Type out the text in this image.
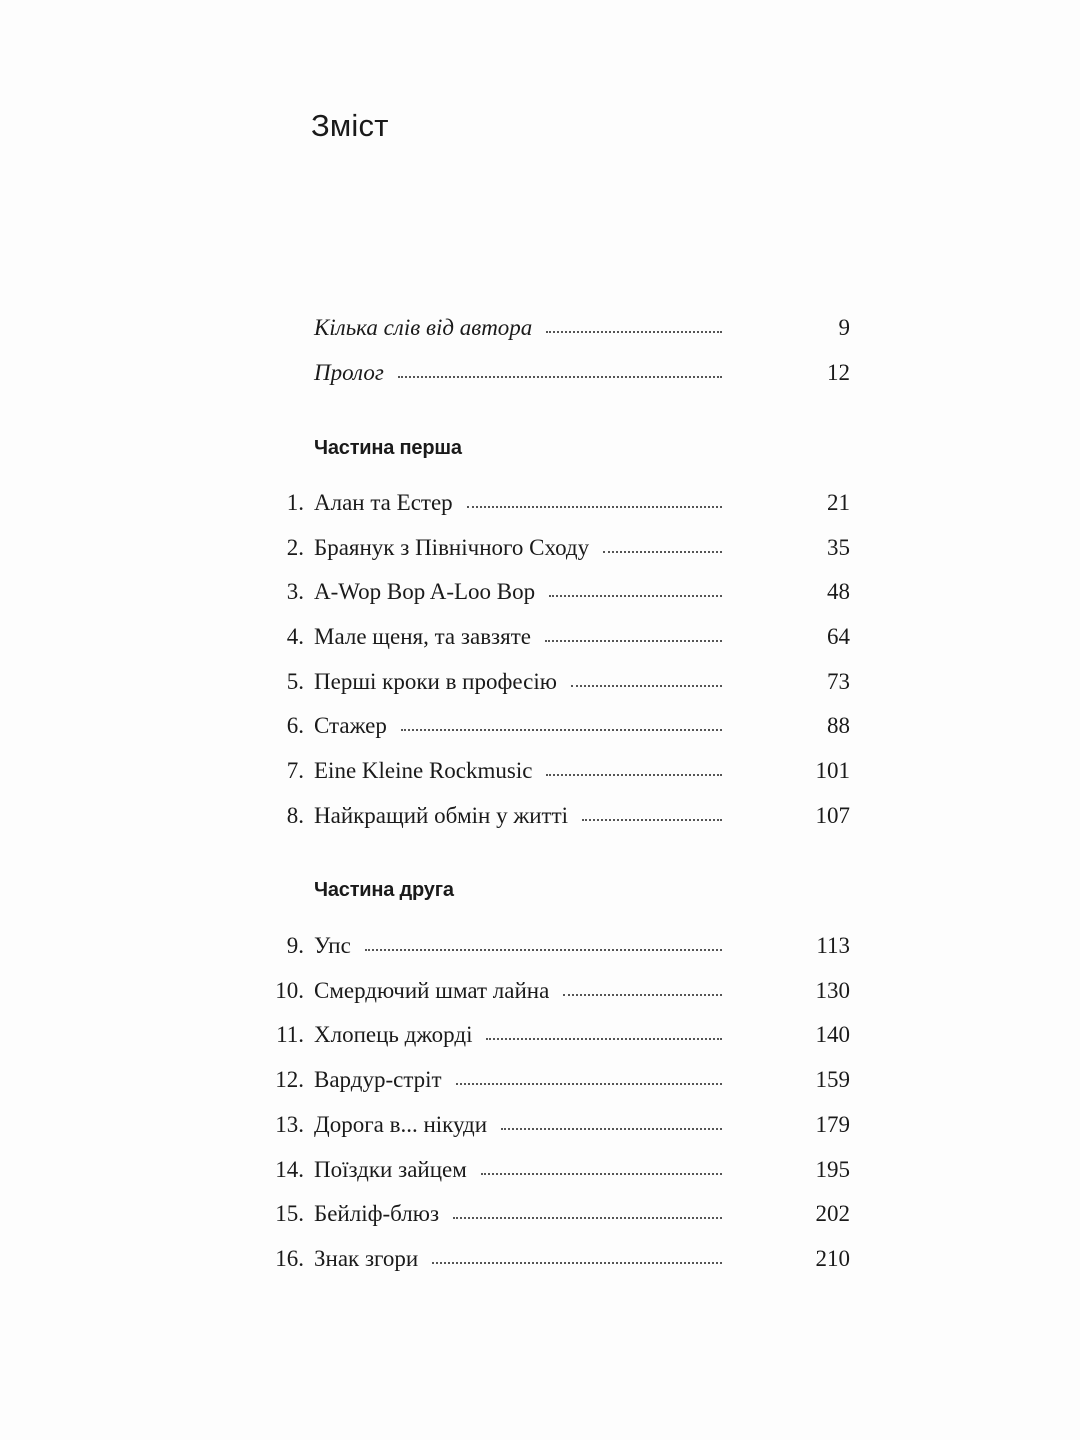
Зміст
Кілька слів від автора	9
Пролог	12
Частина перша
1. Алан та Естер	21
2. Браянук з Північного Сходу	35
3. A-Wop Bop A-Loo Bop	48
4. Мале щеня, та завзяте	64
5. Перші кроки в професію	73
6. Стажер	88
7. Eine Kleine Rockmusic	101
8. Найкращий обмін у житті	107
Частина друга
9. Упс	113
10. Смердючий шмат лайна	130
11. Хлопець джорді	140
12. Вардур-стріт	159
13. Дорога в... нікуди	179
14. Поїздки зайцем	195
15. Бейліф-блюз	202
16. Знак згори	210
